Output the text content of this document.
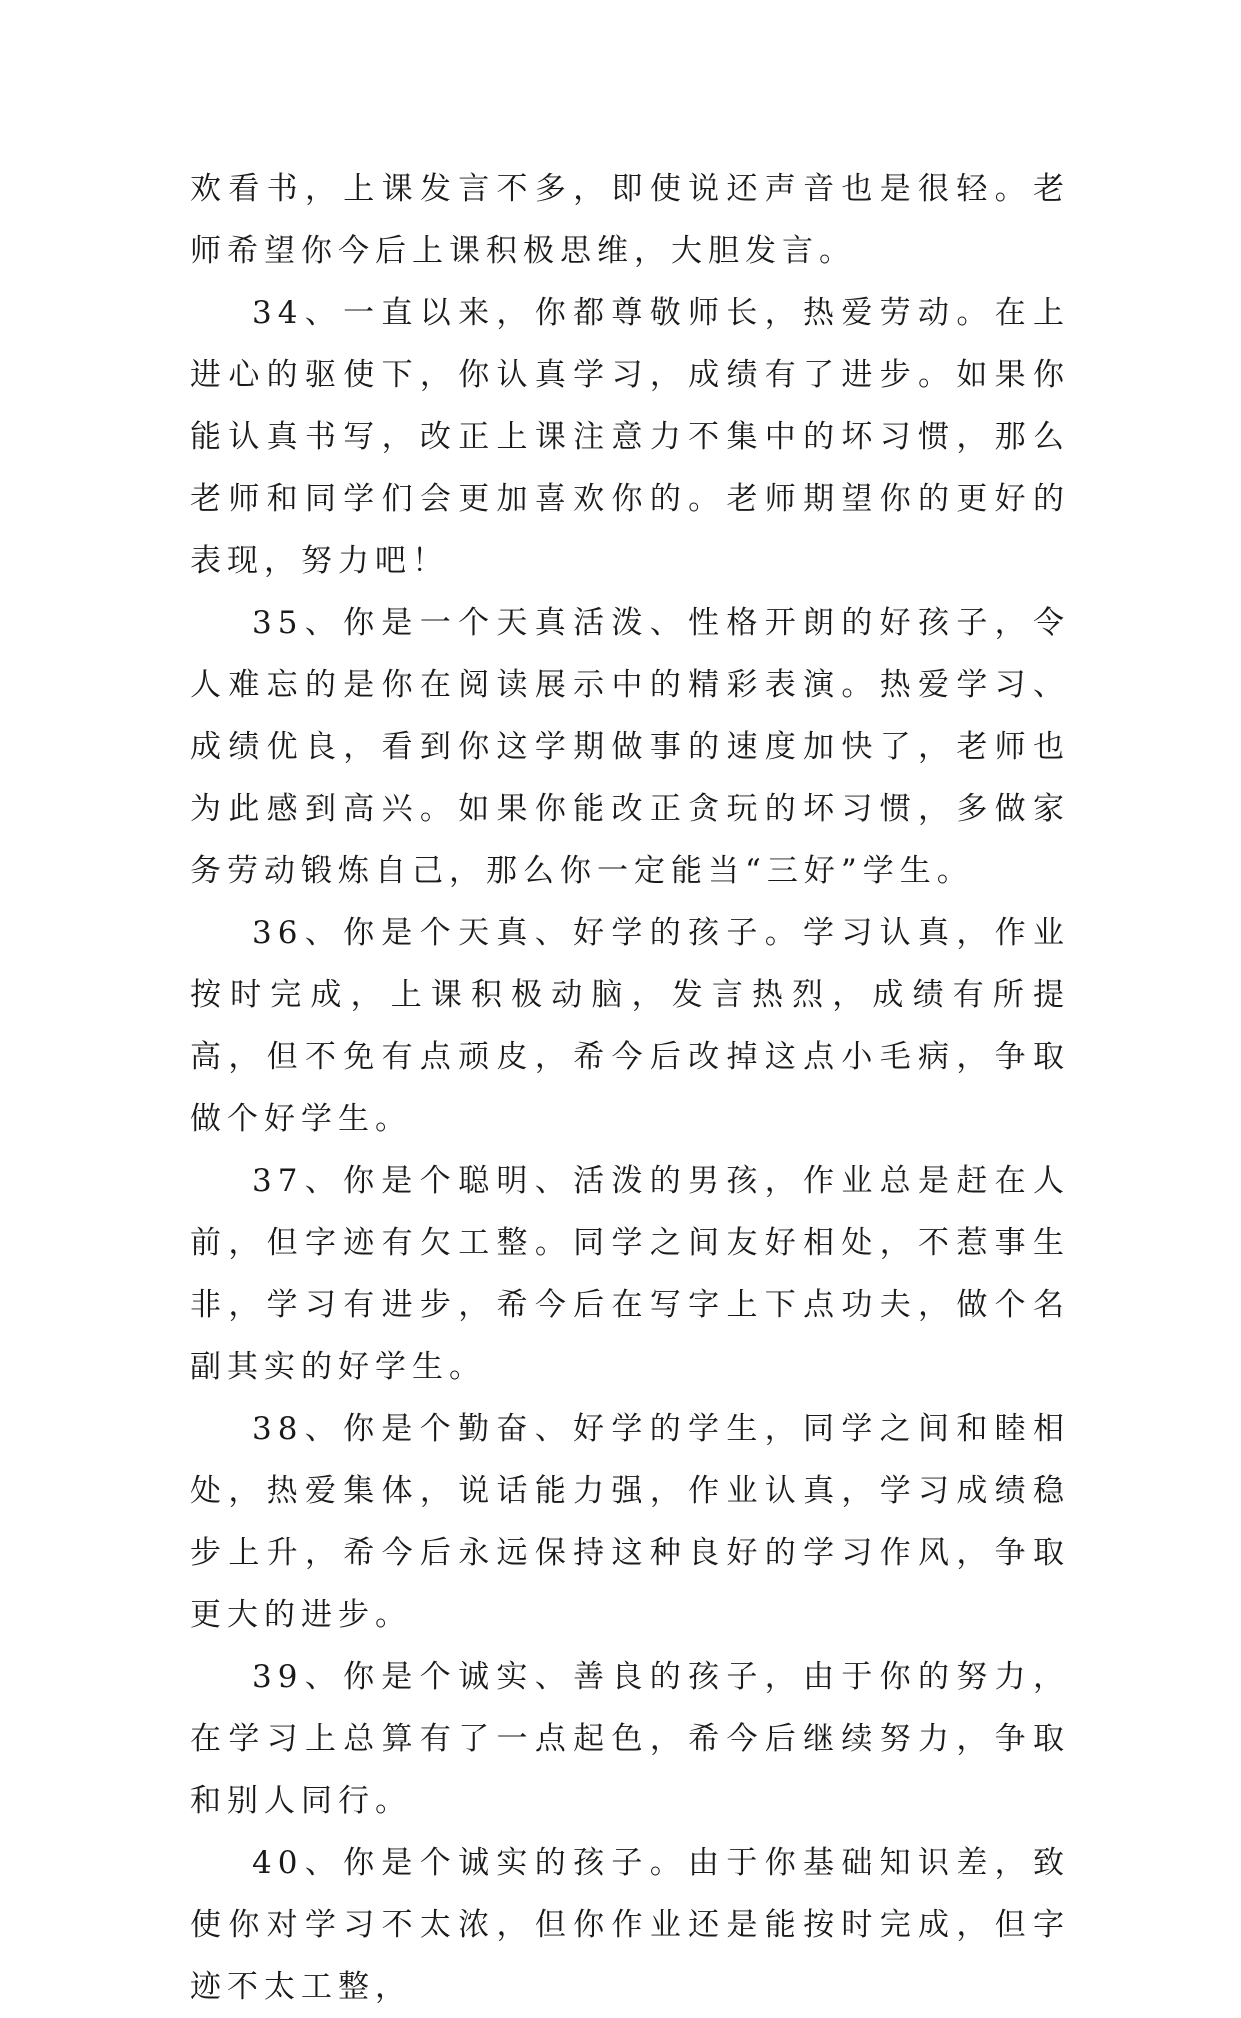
欢看书，上课发言不多，即使说还声音也是很轻。老师希望你今后上课积极思维，大胆发言。

34、一直以来，你都尊敬师长，热爱劳动。在上进心的驱使下，你认真学习，成绩有了进步。如果你能认真书写，改正上课注意力不集中的坏习惯，那么老师和同学们会更加喜欢你的。老师期望你的更好的表现，努力吧！

35、你是一个天真活泼、性格开朗的好孩子，令人难忘的是你在阅读展示中的精彩表演。热爱学习、成绩优良，看到你这学期做事的速度加快了，老师也为此感到高兴。如果你能改正贪玩的坏习惯，多做家务劳动锻炼自己，那么你一定能当“三好”学生。

36、你是个天真、好学的孩子。学习认真，作业按时完成，上课积极动脑，发言热烈，成绩有所提高，但不免有点顽皮，希今后改掉这点小毛病，争取做个好学生。

37、你是个聪明、活泼的男孩，作业总是赶在人前，但字迹有欠工整。同学之间友好相处，不惹事生非，学习有进步，希今后在写字上下点功夫，做个名副其实的好学生。

38、你是个勤奋、好学的学生，同学之间和睦相处，热爱集体，说话能力强，作业认真，学习成绩稳步上升，希今后永远保持这种良好的学习作风，争取更大的进步。

39、你是个诚实、善良的孩子，由于你的努力，在学习上总算有了一点起色，希今后继续努力，争取和别人同行。

40、你是个诚实的孩子。由于你基础知识差，致使你对学习不太浓，但你作业还是能按时完成，但字迹不太工整，
